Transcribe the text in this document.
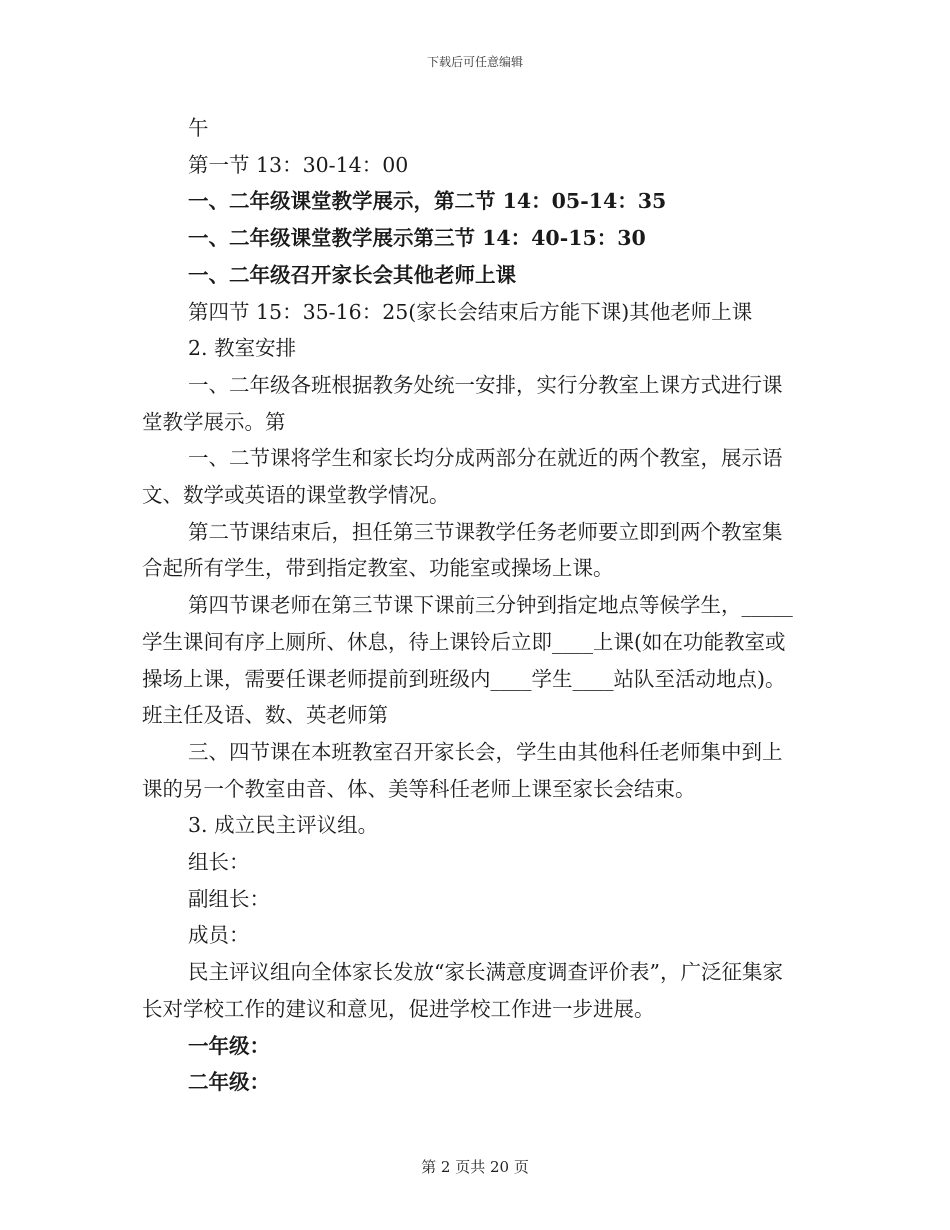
下载后可任意编辑

午

第一节 13：30-14：00

一、二年级课堂教学展示，第二节 14：05-14：35

一、二年级课堂教学展示第三节 14：40-15：30

一、二年级召开家长会其他老师上课

第四节 15：35-16：25(家长会结束后方能下课)其他老师上课

2. 教室安排

一、二年级各班根据教务处统一安排，实行分教室上课方式进行课堂教学展示。第

一、二节课将学生和家长均分成两部分在就近的两个教室，展示语文、数学或英语的课堂教学情况。

第二节课结束后，担任第三节课教学任务老师要立即到两个教室集合起所有学生，带到指定教室、功能室或操场上课。

第四节课老师在第三节课下课前三分钟到指定地点等候学生，_____学生课间有序上厕所、休息，待上课铃后立即____上课(如在功能教室或操场上课，需要任课老师提前到班级内____学生____站队至活动地点)。班主任及语、数、英老师第

三、四节课在本班教室召开家长会，学生由其他科任老师集中到上课的另一个教室由音、体、美等科任老师上课至家长会结束。

3. 成立民主评议组。

组长：

副组长：

成员：

民主评议组向全体家长发放“家长满意度调查评价表”，广泛征集家长对学校工作的建议和意见，促进学校工作进一步进展。

一年级：

二年级：

第 2 页共 20 页
